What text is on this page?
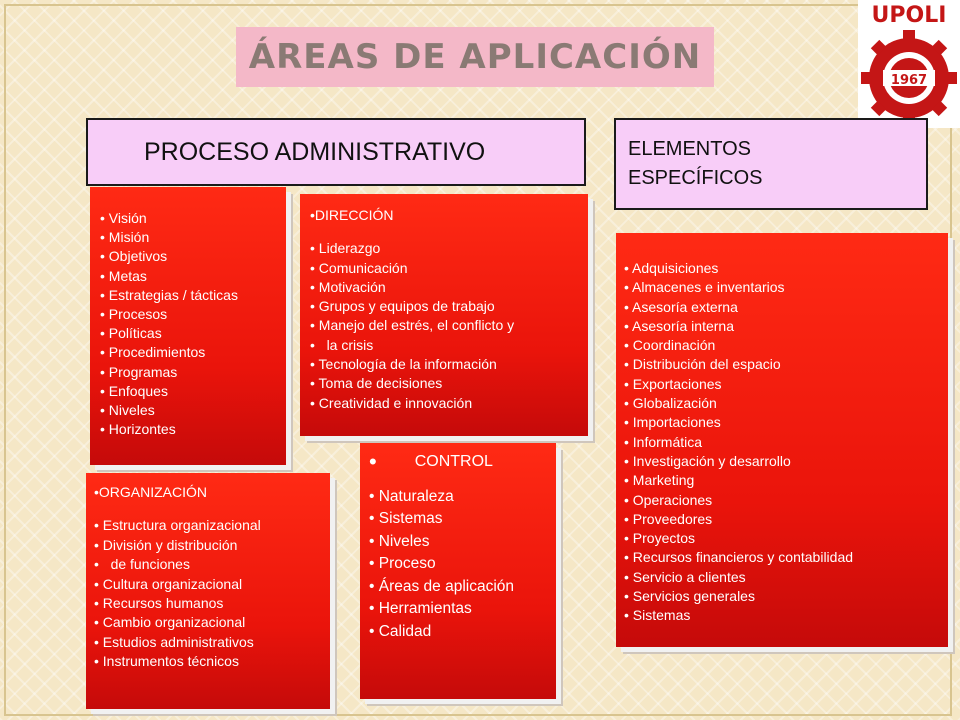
ÁREAS DE APLICACIÓN
UPOLI
1967
PROCESO ADMINISTRATIVO	ELEMENTOS ESPECÍFICOS
• Visión
• Misión
• Objetivos
• Metas
• Estrategias / tácticas
• Procesos
• Políticas
• Procedimientos
• Programas
• Enfoques
• Niveles
• Horizontes
• DIRECCIÓN
• Liderazgo
• Comunicación
• Motivación
• Grupos y equipos de trabajo
• Manejo del estrés, el conflicto y
•   la crisis
• Tecnología de la información
• Toma de decisiones
• Creatividad e innovación
• ORGANIZACIÓN
• Estructura organizacional
• División y distribución
•   de funciones
• Cultura organizacional
• Recursos humanos
• Cambio organizacional
• Estudios administrativos
• Instrumentos técnicos
• CONTROL
• Naturaleza
• Sistemas
• Niveles
• Proceso
• Áreas de aplicación
• Herramientas
• Calidad
• Adquisiciones
• Almacenes e inventarios
• Asesoría externa
• Asesoría interna
• Coordinación
• Distribución del espacio
• Exportaciones
• Globalización
• Importaciones
• Informática
• Investigación y desarrollo
• Marketing
• Operaciones
• Proveedores
• Proyectos
• Recursos financieros y contabilidad
• Servicio a clientes
• Servicios generales
• Sistemas
